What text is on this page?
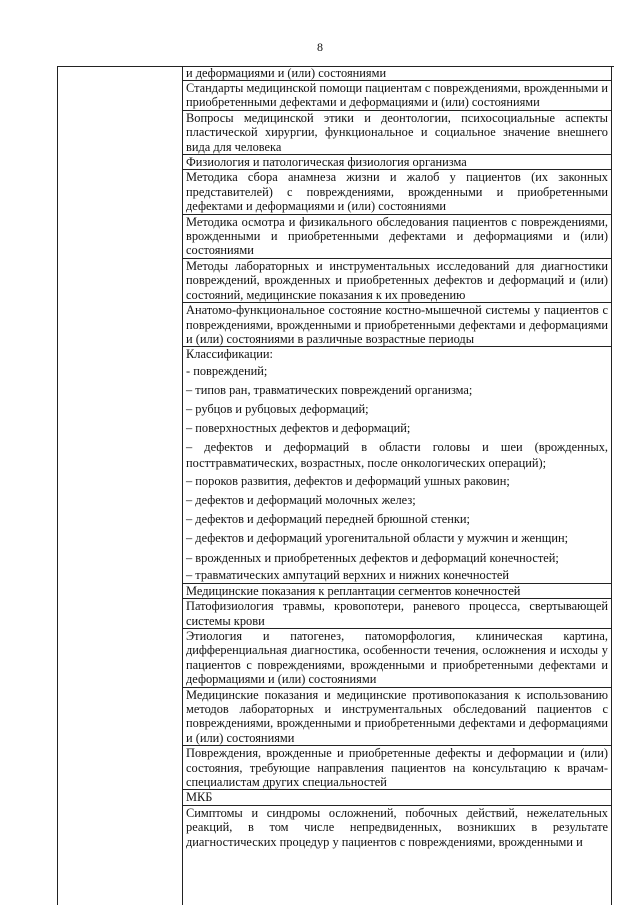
8
и деформациями и (или) состояниями
Стандарты медицинской помощи пациентам с повреждениями, врожденными и приобретенными дефектами и деформациями и (или) состояниями
Вопросы медицинской этики и деонтологии, психосоциальные аспекты пластической хирургии, функциональное и социальное значение внешнего вида для человека
Физиология и патологическая физиология организма
Методика сбора анамнеза жизни и жалоб у пациентов (их законных представителей) с повреждениями, врожденными и приобретенными дефектами и деформациями и (или) состояниями
Методика осмотра и физикального обследования пациентов с повреждениями, врожденными и приобретенными дефектами и деформациями и (или) состояниями
Методы лабораторных и инструментальных исследований для диагностики повреждений, врожденных и приобретенных дефектов и деформаций и (или) состояний, медицинские показания к их проведению
Анатомо-функциональное состояние костно-мышечной системы у пациентов с повреждениями, врожденными и приобретенными дефектами и деформациями и (или) состояниями в различные возрастные периоды
Классификации:
- повреждений;
– типов ран, травматических повреждений организма;
– рубцов и рубцовых деформаций;
– поверхностных дефектов и деформаций;
– дефектов и деформаций в области головы и шеи (врожденных, посттравматических, возрастных, после онкологических операций);
– пороков развития, дефектов и деформаций ушных раковин;
– дефектов и деформаций молочных желез;
– дефектов и деформаций передней брюшной стенки;
– дефектов и деформаций урогенитальной области у мужчин и женщин;
– врожденных и приобретенных дефектов и деформаций конечностей;
– травматических ампутаций верхних и нижних конечностей
Медицинские показания к реплантации сегментов конечностей
Патофизиология травмы, кровопотери, раневого процесса, свертывающей системы крови
Этиология и патогенез, патоморфология, клиническая картина, дифференциальная диагностика, особенности течения, осложнения и исходы у пациентов с повреждениями, врожденными и приобретенными дефектами и деформациями и (или) состояниями
Медицинские показания и медицинские противопоказания к использованию методов лабораторных и инструментальных обследований пациентов с повреждениями, врожденными и приобретенными дефектами и деформациями и (или) состояниями
Повреждения, врожденные и приобретенные дефекты и деформации и (или) состояния, требующие направления пациентов на консультацию к врачам-специалистам других специальностей
МКБ
Симптомы и синдромы осложнений, побочных действий, нежелательных реакций, в том числе непредвиденных, возникших в результате диагностических процедур у пациентов с повреждениями, врожденными и
